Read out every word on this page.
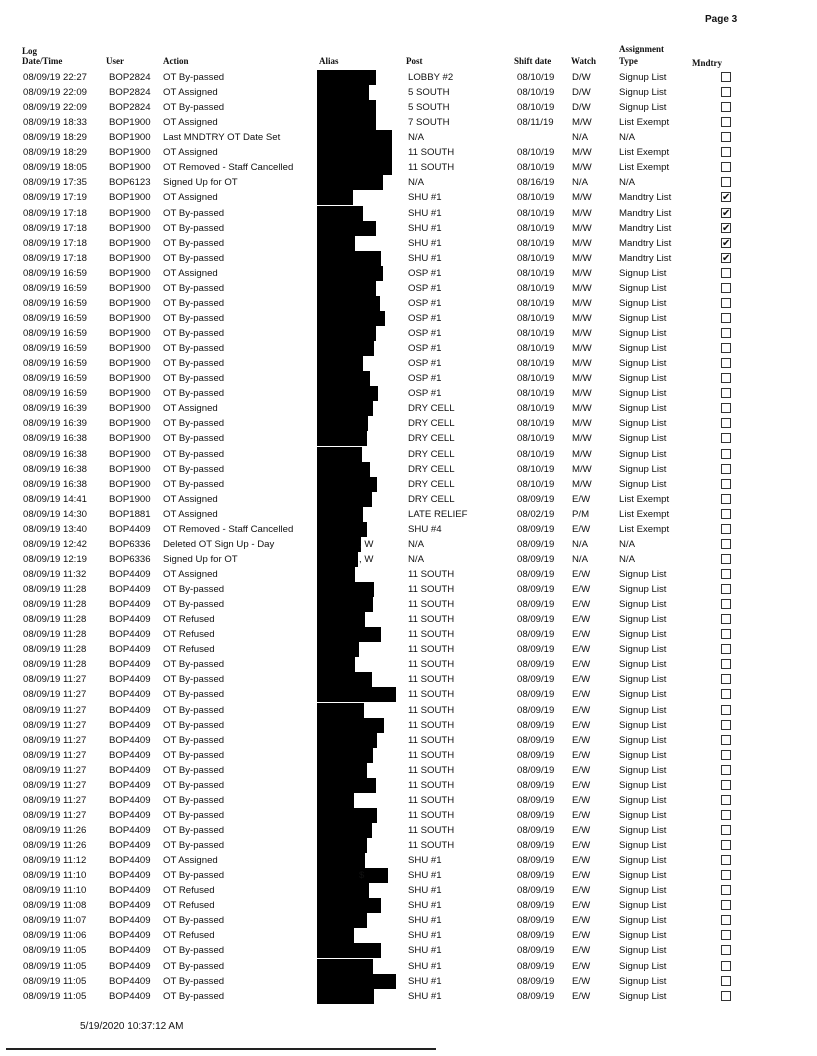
Page 3
Log
Date/Time	User	Action	Alias	Post	Shift date Watch
Assignment
Type	Mndtry
08/09/19 22:27 BOP2824 OT By-passed	LOBBY #2	08/10/19 D/W	Signup List
08/09/19 22:09 BOP2824 OT Assigned	5 SOUTH	08/10/19 D/W	Signup List
08/09/19 22:09 BOP2824 OT By-passed	5 SOUTH	08/10/19 D/W	Signup List
08/09/19 18:33 BOP1900 OT Assigned	7 SOUTH	08/11/19 M/W	List Exempt
08/09/19 18:29 BOP1900 Last MNDTRY OT Date Set	N/A	N/A	N/A
08/09/19 18:29 BOP1900 OT Assigned	11 SOUTH	08/10/19 M/W	List Exempt
08/09/19 18:05 BOP1900 OT Removed - Staff Cancelled	11 SOUTH	08/10/19 M/W	List Exempt
08/09/19 17:35 BOP6123 Signed Up for OT	N/A	08/16/19 N/A	N/A
08/09/19 17:19 BOP1900 OT Assigned	SHU #1	08/10/19 M/W	Mandtry List	✔
08/09/19 17:18 BOP1900 OT By-passed	SHU #1	08/10/19 M/W	Mandtry List	✔
08/09/19 17:18 BOP1900 OT By-passed	SHU #1	08/10/19 M/W	Mandtry List	✔
08/09/19 17:18 BOP1900 OT By-passed	SHU #1	08/10/19 M/W	Mandtry List	✔
08/09/19 17:18 BOP1900 OT By-passed	SHU #1	08/10/19 M/W	Mandtry List	✔
08/09/19 16:59 BOP1900 OT Assigned	OSP #1	08/10/19 M/W	Signup List
08/09/19 16:59 BOP1900 OT By-passed	OSP #1	08/10/19 M/W	Signup List
08/09/19 16:59 BOP1900 OT By-passed	OSP #1	08/10/19 M/W	Signup List
08/09/19 16:59 BOP1900 OT By-passed	OSP #1	08/10/19 M/W	Signup List
08/09/19 16:59 BOP1900 OT By-passed	OSP #1	08/10/19 M/W	Signup List
08/09/19 16:59 BOP1900 OT By-passed	OSP #1	08/10/19 M/W	Signup List
08/09/19 16:59 BOP1900 OT By-passed	OSP #1	08/10/19 M/W	Signup List
08/09/19 16:59 BOP1900 OT By-passed	OSP #1	08/10/19 M/W	Signup List
08/09/19 16:59 BOP1900 OT By-passed	OSP #1	08/10/19 M/W	Signup List
08/09/19 16:39 BOP1900 OT Assigned	DRY CELL	08/10/19 M/W	Signup List
08/09/19 16:39 BOP1900 OT By-passed	DRY CELL	08/10/19 M/W	Signup List
08/09/19 16:38 BOP1900 OT By-passed	DRY CELL	08/10/19 M/W	Signup List
08/09/19 16:38 BOP1900 OT By-passed	DRY CELL	08/10/19 M/W	Signup List
08/09/19 16:38 BOP1900 OT By-passed	DRY CELL	08/10/19 M/W	Signup List
08/09/19 16:38 BOP1900 OT By-passed	DRY CELL	08/10/19 M/W	Signup List
08/09/19 14:41 BOP1900 OT Assigned	DRY CELL	08/09/19 E/W	List Exempt
08/09/19 14:30 BOP1881 OT Assigned	LATE RELIEF	08/02/19 P/M	List Exempt
08/09/19 13:40 BOP4409 OT Removed - Staff Cancelled	SHU #4	08/09/19 E/W	List Exempt
08/09/19 12:42 BOP6336 Deleted OT Sign Up - Day	, W	N/A	08/09/19 N/A	N/A
08/09/19 12:19 BOP6336 Signed Up for OT	, W	N/A	08/09/19 N/A	N/A
08/09/19 11:32 BOP4409 OT Assigned	11 SOUTH	08/09/19 E/W	Signup List
08/09/19 11:28 BOP4409 OT By-passed	11 SOUTH	08/09/19 E/W	Signup List
08/09/19 11:28 BOP4409 OT By-passed	11 SOUTH	08/09/19 E/W	Signup List
08/09/19 11:28 BOP4409 OT Refused	11 SOUTH	08/09/19 E/W	Signup List
08/09/19 11:28 BOP4409 OT Refused	11 SOUTH	08/09/19 E/W	Signup List
08/09/19 11:28 BOP4409 OT Refused	11 SOUTH	08/09/19 E/W	Signup List
08/09/19 11:28 BOP4409 OT By-passed	11 SOUTH	08/09/19 E/W	Signup List
08/09/19 11:27 BOP4409 OT By-passed	11 SOUTH	08/09/19 E/W	Signup List
08/09/19 11:27 BOP4409 OT By-passed	11 SOUTH	08/09/19 E/W	Signup List
08/09/19 11:27 BOP4409 OT By-passed	11 SOUTH	08/09/19 E/W	Signup List
08/09/19 11:27 BOP4409 OT By-passed	11 SOUTH	08/09/19 E/W	Signup List
08/09/19 11:27 BOP4409 OT By-passed	11 SOUTH	08/09/19 E/W	Signup List
08/09/19 11:27 BOP4409 OT By-passed	11 SOUTH	08/09/19 E/W	Signup List
08/09/19 11:27 BOP4409 OT By-passed	11 SOUTH	08/09/19 E/W	Signup List
08/09/19 11:27 BOP4409 OT By-passed	11 SOUTH	08/09/19 E/W	Signup List
08/09/19 11:27 BOP4409 OT By-passed	11 SOUTH	08/09/19 E/W	Signup List
08/09/19 11:27 BOP4409 OT By-passed	11 SOUTH	08/09/19 E/W	Signup List
08/09/19 11:26 BOP4409 OT By-passed	11 SOUTH	08/09/19 E/W	Signup List
08/09/19 11:26 BOP4409 OT By-passed	11 SOUTH	08/09/19 E/W	Signup List
08/09/19 11:12 BOP4409 OT Assigned	SHU #1	08/09/19 E/W	Signup List
08/09/19 11:10 BOP4409 OT By-passed	$	SHU #1	08/09/19 E/W	Signup List
08/09/19 11:10 BOP4409 OT Refused	SHU #1	08/09/19 E/W	Signup List
08/09/19 11:08 BOP4409 OT Refused	SHU #1	08/09/19 E/W	Signup List
08/09/19 11:07 BOP4409 OT By-passed	SHU #1	08/09/19 E/W	Signup List
08/09/19 11:06 BOP4409 OT Refused	SHU #1	08/09/19 E/W	Signup List
08/09/19 11:05 BOP4409 OT By-passed	SHU #1	08/09/19 E/W	Signup List
08/09/19 11:05 BOP4409 OT By-passed	SHU #1	08/09/19 E/W	Signup List
08/09/19 11:05 BOP4409 OT By-passed	SHU #1	08/09/19 E/W	Signup List
08/09/19 11:05 BOP4409 OT By-passed	SHU #1	08/09/19 E/W	Signup List
5/19/2020 10:37:12 AM
